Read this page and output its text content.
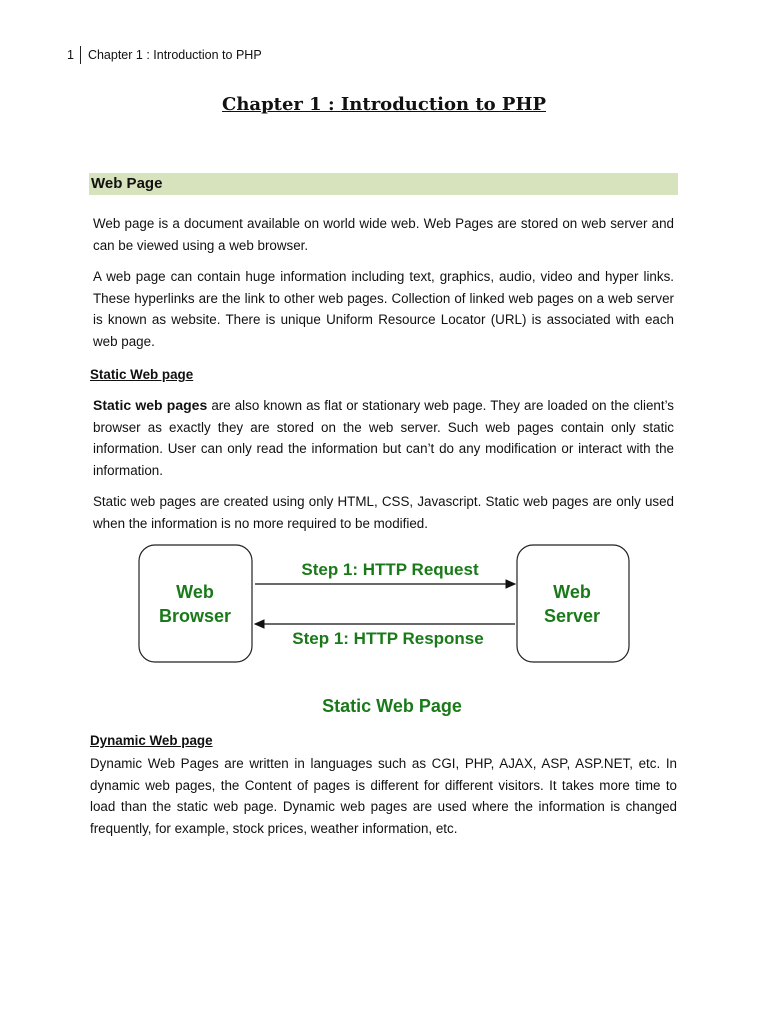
1	Chapter 1 : Introduction to PHP
Chapter 1 : Introduction to PHP
Web Page
Web page is a document available on world wide web. Web Pages are stored on web server and can be viewed using a web browser.
A web page can contain huge information including text, graphics, audio, video and hyper links. These hyperlinks are the link to other web pages. Collection of linked web pages on a web server is known as website. There is unique Uniform Resource Locator (URL) is associated with each web page.
Static Web page
Static web pages are also known as flat or stationary web page. They are loaded on the client’s browser as exactly they are stored on the web server. Such web pages contain only static information. User can only read the information but can’t do any modification or interact with the information.
Static web pages are created using only HTML, CSS, Javascript. Static web pages are only used when the information is no more required to be modified.
Web
Browser
Web
Server
Step 1: HTTP Request
Step 1: HTTP Response
Static Web Page
Dynamic Web page
Dynamic Web Pages are written in languages such as CGI, PHP, AJAX, ASP, ASP.NET, etc. In dynamic web pages, the Content of pages is different for different visitors. It takes more time to load than the static web page. Dynamic web pages are used where the information is changed frequently, for example, stock prices, weather information, etc.
